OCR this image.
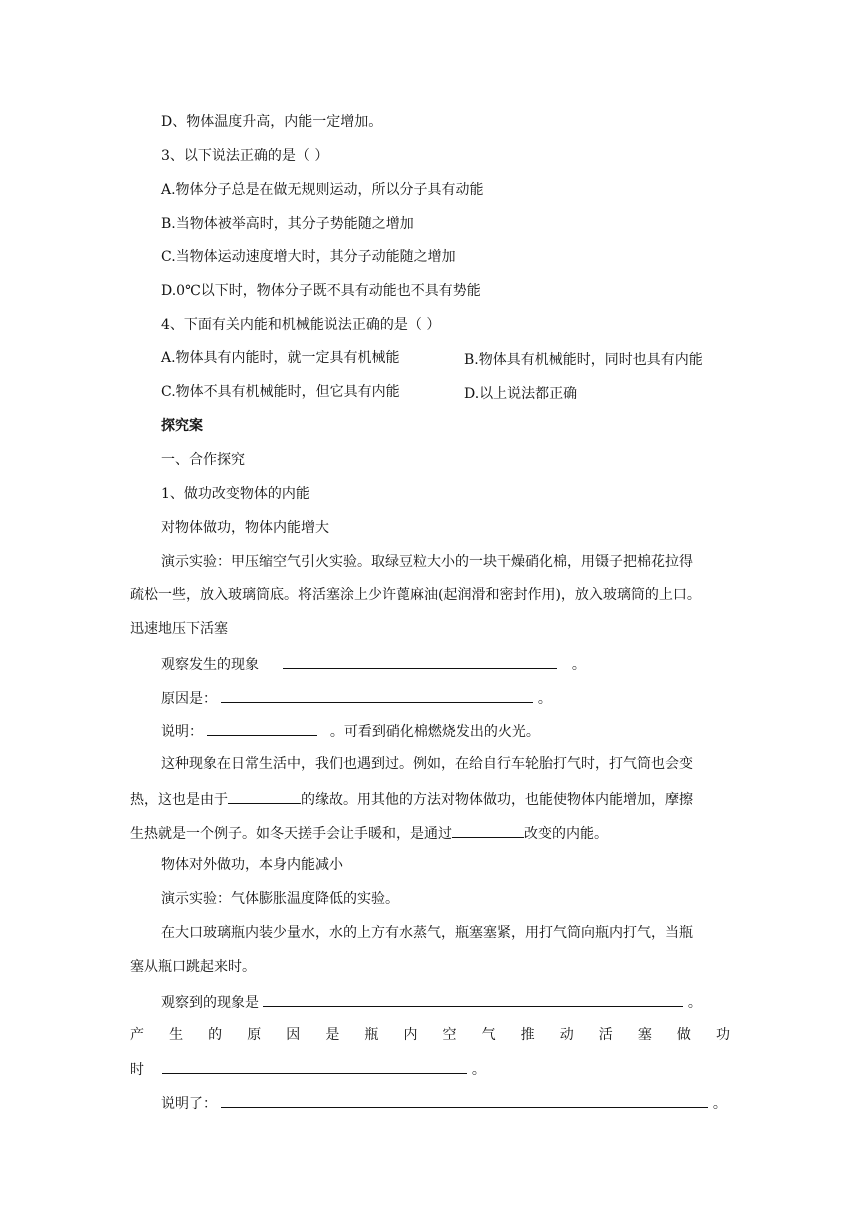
D、物体温度升高，内能一定增加。
3、以下说法正确的是（ ）
A.物体分子总是在做无规则运动，所以分子具有动能
B.当物体被举高时，其分子势能随之增加
C.当物体运动速度增大时，其分子动能随之增加
D.0℃以下时，物体分子既不具有动能也不具有势能
4、下面有关内能和机械能说法正确的是（ ）
A.物体具有内能时，就一定具有机械能	B.物体具有机械能时，同时也具有内能
C.物体不具有机械能时，但它具有内能	D.以上说法都正确
探究案
一、合作探究
1、做功改变物体的内能
对物体做功，物体内能增大
演示实验：甲压缩空气引火实验。取绿豆粒大小的一块干燥硝化棉，用镊子把棉花拉得
疏松一些，放入玻璃筒底。将活塞涂上少许蓖麻油(起润滑和密封作用)，放入玻璃筒的上口。
迅速地压下活塞
观察发生的现象	。
原因是：	。
说明：	。可看到硝化棉燃烧发出的火光。
这种现象在日常生活中，我们也遇到过。例如，在给自行车轮胎打气时，打气筒也会变
热，这也是由于	的缘故。用其他的方法对物体做功，也能使物体内能增加，摩擦
生热就是一个例子。如冬天搓手会让手暖和，是通过	改变的内能。
物体对外做功，本身内能减小
演示实验：气体膨胀温度降低的实验。
在大口玻璃瓶内装少量水，水的上方有水蒸气，瓶塞塞紧，用打气筒向瓶内打气，当瓶
塞从瓶口跳起来时。
观察到的现象是	。
产 生 的 原 因 是 瓶 内 空 气 推 动 活 塞 做 功
时	。
说明了：	。
